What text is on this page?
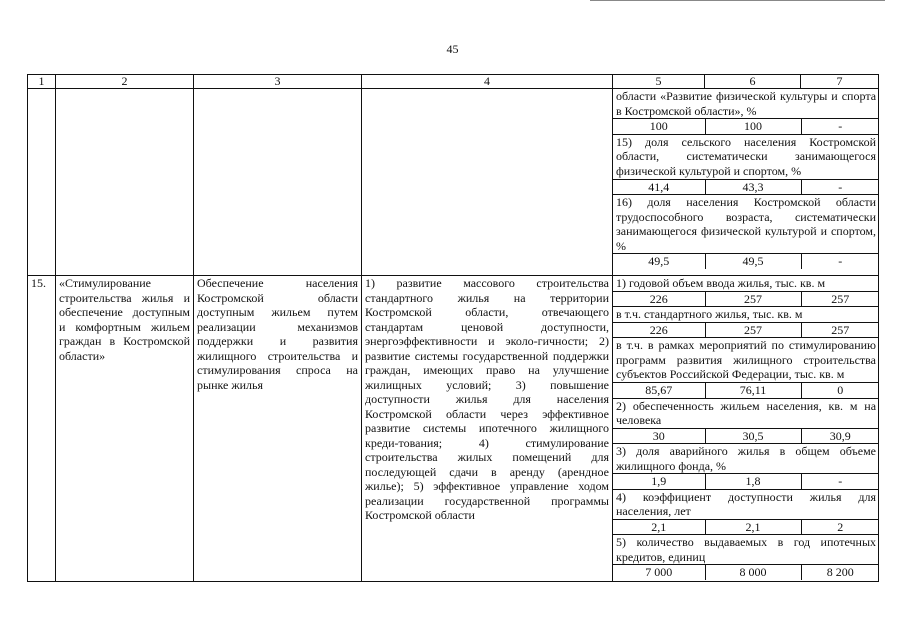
45
1	2	3	4	5	6	7

области «Развитие физической культуры и спорта в Костромской области», %
100	100	-
15) доля сельского населения Костромской области, систематически занимающегося физической культурой и спортом, %
41,4	43,3	-
16) доля населения Костромской области трудоспособного возраста, систематически занимающегося физической культурой и спортом, %
49,5	49,5	-

15.	«Стимулирование строительства жилья и обеспечение доступным и комфортным жильем граждан в Костромской области»	Обеспечение населения Костромской области доступным жильем путем реализации механизмов поддержки и развития жилищного строительства и стимулирования спроса на рынке жилья	1) развитие массового строительства стандартного жилья на территории Костромской области, отвечающего стандартам ценовой доступности, энергоэффективности и эколо-гичности; 2) развитие системы государственной поддержки граждан, имеющих право на улучшение жилищных условий; 3) повышение доступности жилья для населения Костромской области через эффективное развитие системы ипотечного жилищного креди-тования; 4) стимулирование строительства жилых помещений для последующей сдачи в аренду (арендное жилье); 5) эффективное управление ходом реализации государственной программы Костромской области	
1) годовой объем ввода жилья, тыс. кв. м
226	257	257
в т.ч. стандартного жилья, тыс. кв. м
226	257	257
в т.ч. в рамках мероприятий по стимулированию программ развития жилищного строительства субъектов Российской Федерации, тыс. кв. м
85,67	76,11	0
2) обеспеченность жильем населения, кв. м на человека
30	30,5	30,9
3) доля аварийного жилья в общем объеме жилищного фонда, %
1,9	1,8	-
4) коэффициент доступности жилья для населения, лет
2,1	2,1	2
5) количество выдаваемых в год ипотечных кредитов, единиц
7 000	8 000	8 200
